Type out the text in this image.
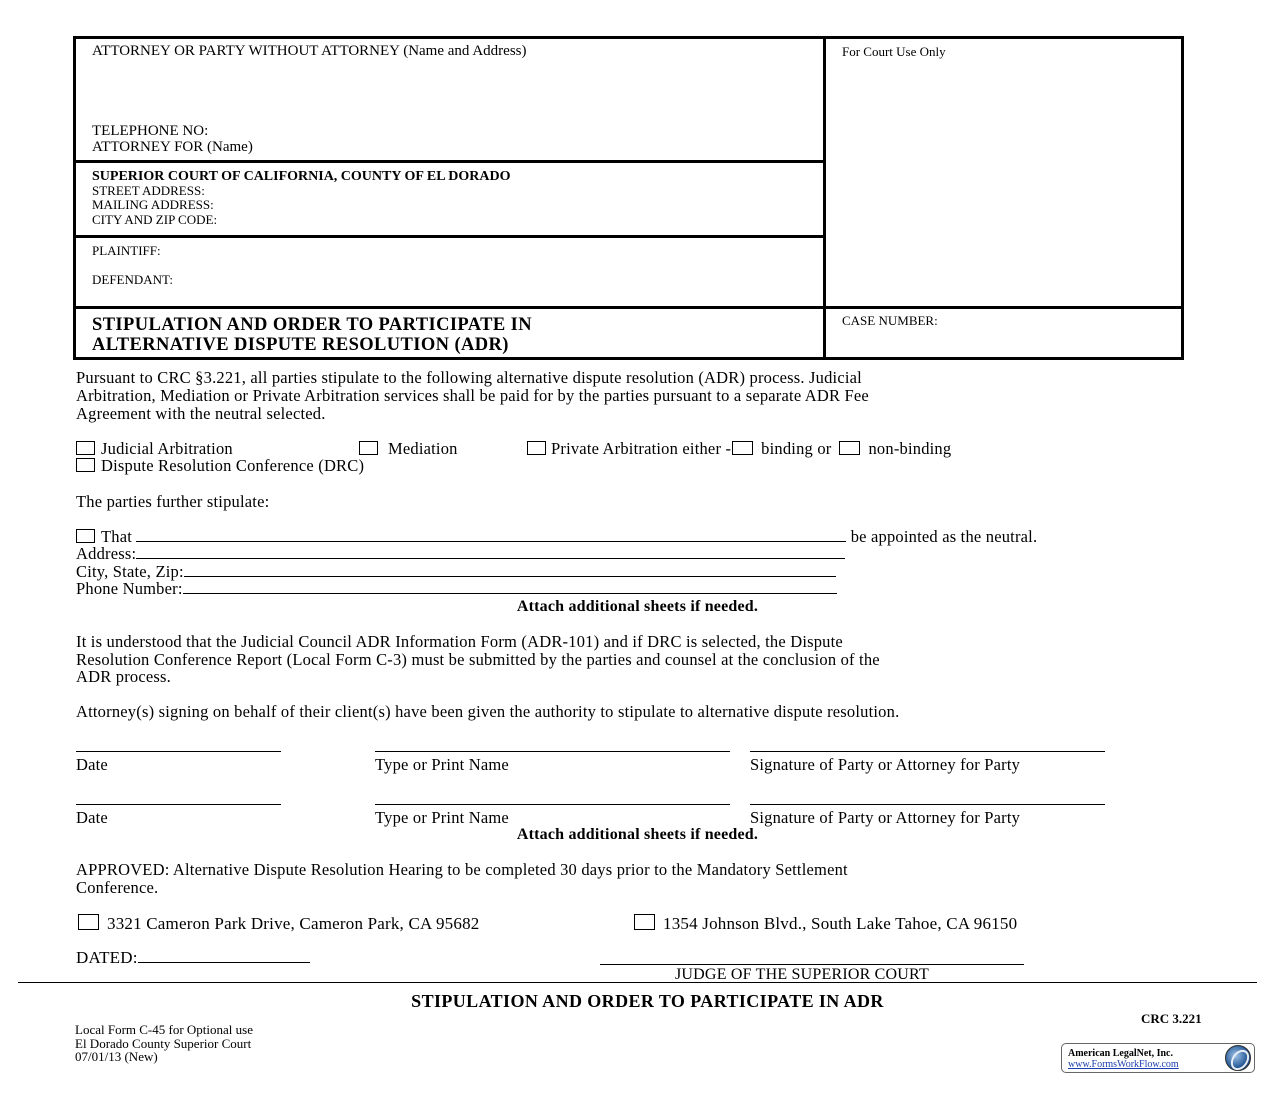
ATTORNEY OR PARTY WITHOUT ATTORNEY (Name and Address)
TELEPHONE NO:
ATTORNEY FOR (Name)
For Court Use Only
SUPERIOR COURT OF CALIFORNIA, COUNTY OF EL DORADO
STREET ADDRESS:
MAILING ADDRESS:
CITY AND ZIP CODE:
PLAINTIFF:
DEFENDANT:
STIPULATION AND ORDER TO PARTICIPATE IN
ALTERNATIVE DISPUTE RESOLUTION (ADR)
CASE NUMBER:
Pursuant to CRC §3.221, all parties stipulate to the following alternative dispute resolution (ADR) process. Judicial
Arbitration, Mediation or Private Arbitration services shall be paid for by the parties pursuant to a separate ADR Fee
Agreement with the neutral selected.
Judicial Arbitration	Mediation	Private Arbitration either - binding or non-binding
Dispute Resolution Conference (DRC)
The parties further stipulate:
That	be appointed as the neutral.
Address:
City, State, Zip:
Phone Number:
Attach additional sheets if needed.
It is understood that the Judicial Council ADR Information Form (ADR-101) and if DRC is selected, the Dispute
Resolution Conference Report (Local Form C-3) must be submitted by the parties and counsel at the conclusion of the
ADR process.
Attorney(s) signing on behalf of their client(s) have been given the authority to stipulate to alternative dispute resolution.
Date	Type or Print Name	Signature of Party or Attorney for Party
Date	Type or Print Name	Signature of Party or Attorney for Party
Attach additional sheets if needed.
APPROVED: Alternative Dispute Resolution Hearing to be completed 30 days prior to the Mandatory Settlement
Conference.
3321 Cameron Park Drive, Cameron Park, CA 95682	1354 Johnson Blvd., South Lake Tahoe, CA 96150
DATED:
JUDGE OF THE SUPERIOR COURT
STIPULATION AND ORDER TO PARTICIPATE IN ADR
CRC 3.221
Local Form C-45 for Optional use
El Dorado County Superior Court
07/01/13 (New)	American LegalNet, Inc.
www.FormsWorkFlow.com
